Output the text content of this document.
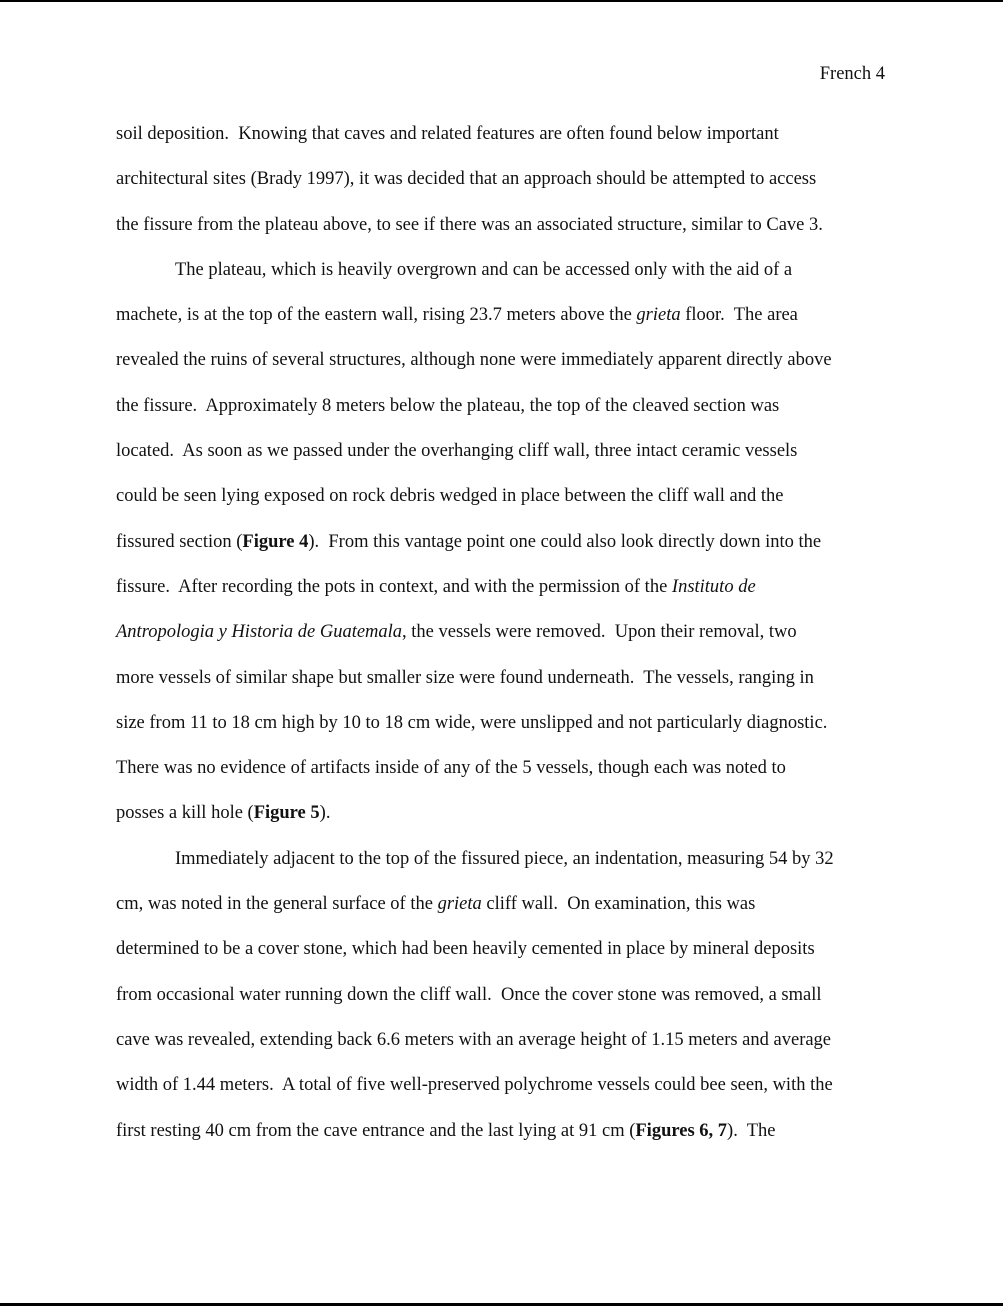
French 4
soil deposition.  Knowing that caves and related features are often found below important
architectural sites (Brady 1997), it was decided that an approach should be attempted to access
the fissure from the plateau above, to see if there was an associated structure, similar to Cave 3.
The plateau, which is heavily overgrown and can be accessed only with the aid of a
machete, is at the top of the eastern wall, rising 23.7 meters above the grieta floor.  The area
revealed the ruins of several structures, although none were immediately apparent directly above
the fissure.  Approximately 8 meters below the plateau, the top of the cleaved section was
located.  As soon as we passed under the overhanging cliff wall, three intact ceramic vessels
could be seen lying exposed on rock debris wedged in place between the cliff wall and the
fissured section (Figure 4).  From this vantage point one could also look directly down into the
fissure.  After recording the pots in context, and with the permission of the Instituto de
Antropologia y Historia de Guatemala, the vessels were removed.  Upon their removal, two
more vessels of similar shape but smaller size were found underneath.  The vessels, ranging in
size from 11 to 18 cm high by 10 to 18 cm wide, were unslipped and not particularly diagnostic.
There was no evidence of artifacts inside of any of the 5 vessels, though each was noted to
posses a kill hole (Figure 5).
Immediately adjacent to the top of the fissured piece, an indentation, measuring 54 by 32
cm, was noted in the general surface of the grieta cliff wall.  On examination, this was
determined to be a cover stone, which had been heavily cemented in place by mineral deposits
from occasional water running down the cliff wall.  Once the cover stone was removed, a small
cave was revealed, extending back 6.6 meters with an average height of 1.15 meters and average
width of 1.44 meters.  A total of five well-preserved polychrome vessels could bee seen, with the
first resting 40 cm from the cave entrance and the last lying at 91 cm (Figures 6, 7).  The
